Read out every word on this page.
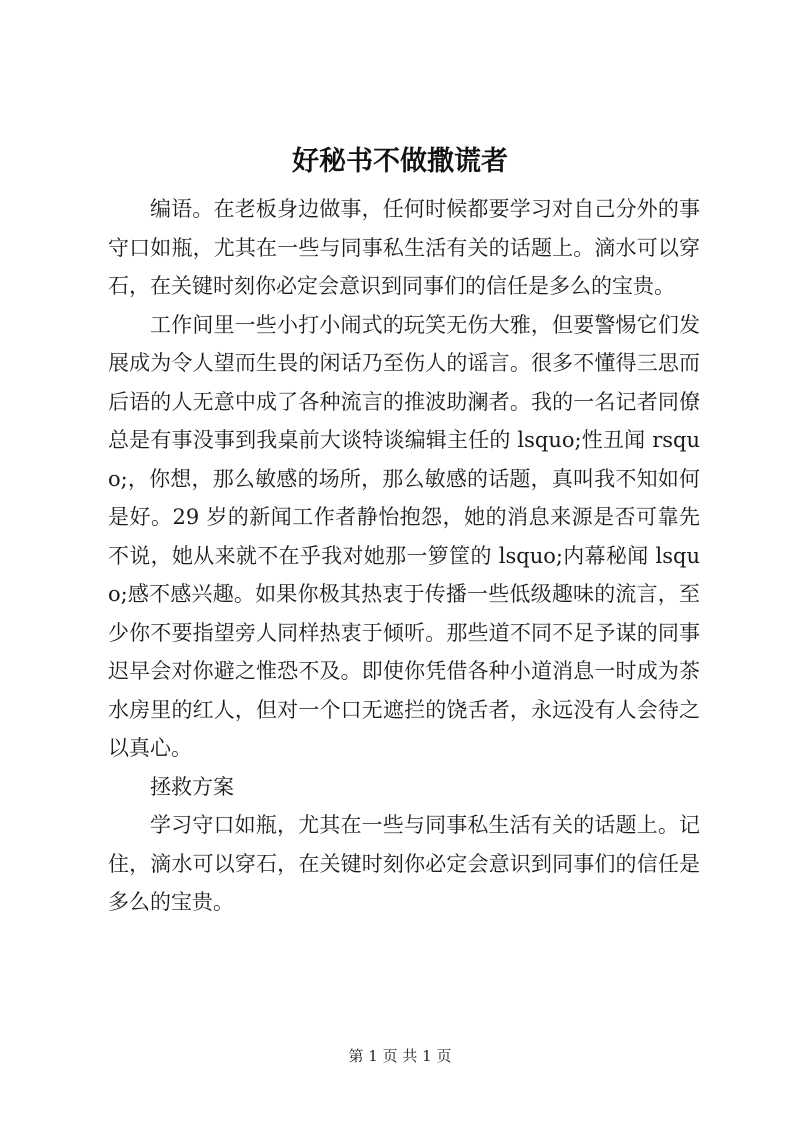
好秘书不做撒谎者

编语。在老板身边做事，任何时候都要学习对自己分外的事守口如瓶，尤其在一些与同事私生活有关的话题上。滴水可以穿石，在关键时刻你必定会意识到同事们的信任是多么的宝贵。

工作间里一些小打小闹式的玩笑无伤大雅，但要警惕它们发展成为令人望而生畏的闲话乃至伤人的谣言。很多不懂得三思而后语的人无意中成了各种流言的推波助澜者。我的一名记者同僚总是有事没事到我桌前大谈特谈编辑主任的 lsquo;性丑闻 rsquo;，你想，那么敏感的场所，那么敏感的话题，真叫我不知如何是好。29 岁的新闻工作者静怡抱怨，她的消息来源是否可靠先不说，她从来就不在乎我对她那一箩筐的 lsquo;内幕秘闻 lsquo;感不感兴趣。如果你极其热衷于传播一些低级趣味的流言，至少你不要指望旁人同样热衷于倾听。那些道不同不足予谋的同事迟早会对你避之惟恐不及。即使你凭借各种小道消息一时成为茶水房里的红人，但对一个口无遮拦的饶舌者，永远没有人会待之以真心。

拯救方案

学习守口如瓶，尤其在一些与同事私生活有关的话题上。记住，滴水可以穿石，在关键时刻你必定会意识到同事们的信任是多么的宝贵。

第 1 页 共 1 页
